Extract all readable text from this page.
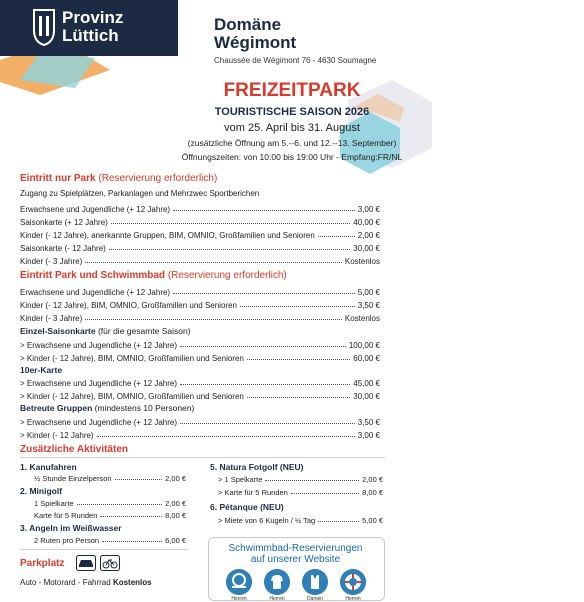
Provinz
Lüttich
Domäne
Wégimont
Chaussée de Wégimont 76 - 4630 Soumagne
FREIZEITPARK
TOURISTISCHE SAISON 2026
vom 25. April bis 31. August
(zusätzliche Öffnung am 5.--6. und 12.--13. September)
Öffnungszeiten: von 10:00 bis 19:00 Uhr - Empfang:FR/NL
Eintritt nur Park (Reservierung erforderlich)
Zugang zu Spielplätzen, Parkanlagen und Mehrzwec Sportberichen
Erwachsene und Jugendliche (+ 12 Jahre)	3,00 €
Saisonkarte (+ 12 Jahre)	40,00 €
Kinder (- 12 Jahre), anerkannte Gruppen, BIM, OMNIO, Großfamilien und Senioren	2,00 €
Saisonkarte (- 12 Jahre)	30,00 €
Kinder (- 3 Jahre)	Kostenlos
Eintritt Park und Schwimmbad (Reservierung erforderlich)
Erwachsene und Jugendliche (+ 12 Jahre)	5,00 €
Kinder (- 12 Jahre), BIM, OMNIO, Großfamillen und Senioren	3,50 €
Kinder (- 3 Jahre)	Kostenlos
Einzel-Saisonkarte (für die gesamte Saison)
> Erwachsene und Jugendliche (+ 12 Jahre)	100,00 €
> Kinder (- 12 Jahre), BIM, OMNIO, Großfamilien und Senioren	60,00 €
10er-Karte
> Erwachsene und Jugendliche (+ 12 Jahre)	45,00 €
> Kinder (- 12 Jahre), BIM, OMNIO, Großfamilien und Senioren	30,00 €
Betreute Gruppen (mindestens 10 Personen)
> Erwachsene und Jugendliche (+ 12 Jahre)	3,50 €
> Kinder (- 12 Jahre)	3,00 €
Zusätzliche Aktivitäten
1. Kanufahren
½ Stunde Einzelperson	2,00 €
2. Minigolf
1 Spielkarte	2,00 €
Karte für 5 Runden	8,00 €
3. Angeln im Weißwasser
2 Ruten pro Person	6,00 €
5. Natura Fotgolf (NEU)
> 1 Spelkarte	2,00 €
> Karte für 5 Runden	8,00 €
6. Pétanque (NEU)
> Miete von 6 Kugeln / ½ Tag	5,00 €
Parkplatz
Auto - Motorard - Fahrrad Kostenlos
Schwimmbad-Reservierungen
auf unserer Website
Herren	Herren	Damen	Herren
